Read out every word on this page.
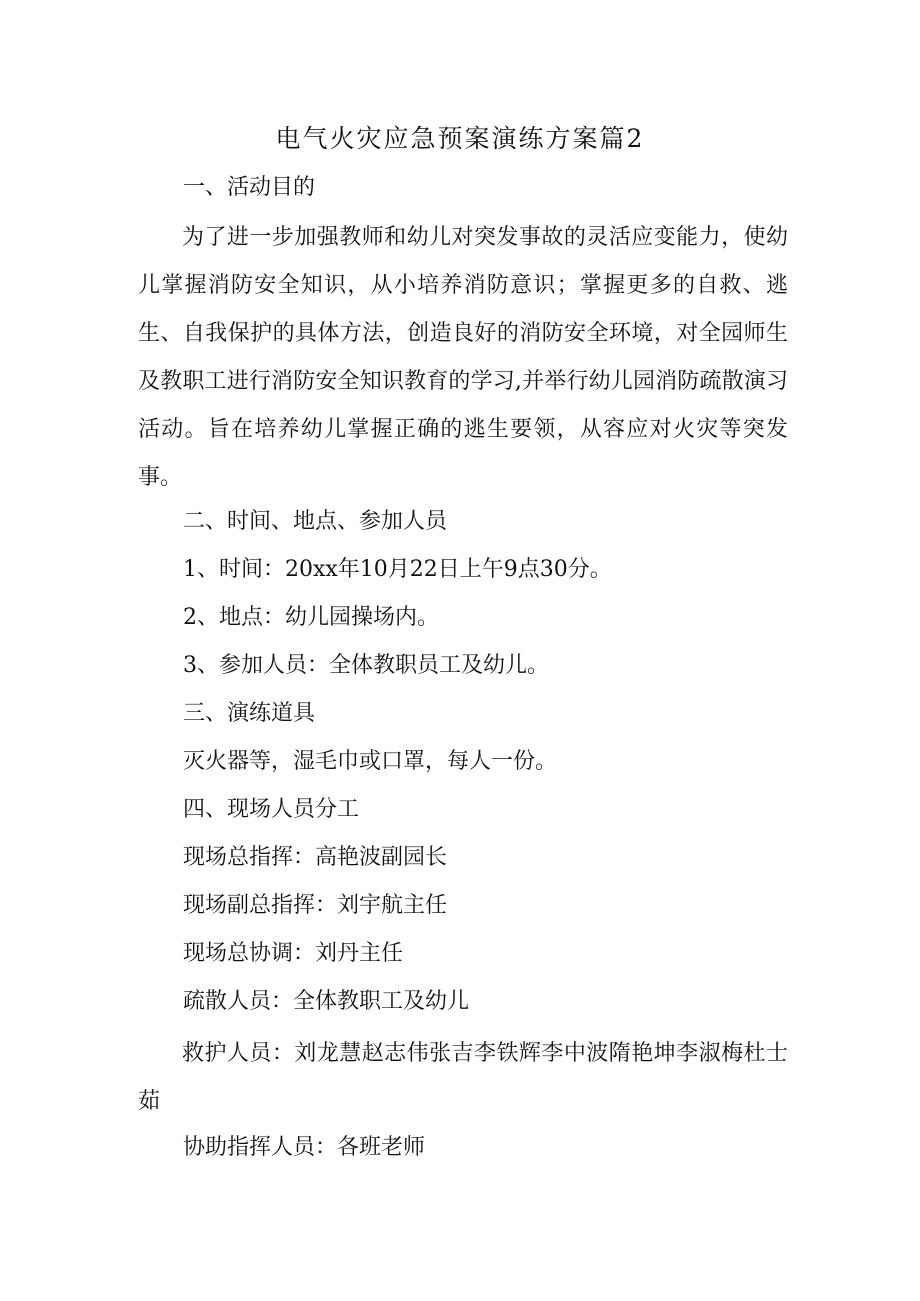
电气火灾应急预案演练方案篇2

一、活动目的

为了进一步加强教师和幼儿对突发事故的灵活应变能力，使幼儿掌握消防安全知识，从小培养消防意识；掌握更多的自救、逃生、自我保护的具体方法，创造良好的消防安全环境，对全园师生及教职工进行消防安全知识教育的学习,并举行幼儿园消防疏散演习活动。旨在培养幼儿掌握正确的逃生要领，从容应对火灾等突发事。

二、时间、地点、参加人员

1、时间：20xx年10月22日上午9点30分。

2、地点：幼儿园操场内。

3、参加人员：全体教职员工及幼儿。

三、演练道具

灭火器等，湿毛巾或口罩，每人一份。

四、现场人员分工

现场总指挥：高艳波副园长

现场副总指挥：刘宇航主任

现场总协调：刘丹主任

疏散人员：全体教职工及幼儿

救护人员：刘龙慧赵志伟张吉李铁辉李中波隋艳坤李淑梅杜士茹

协助指挥人员：各班老师
